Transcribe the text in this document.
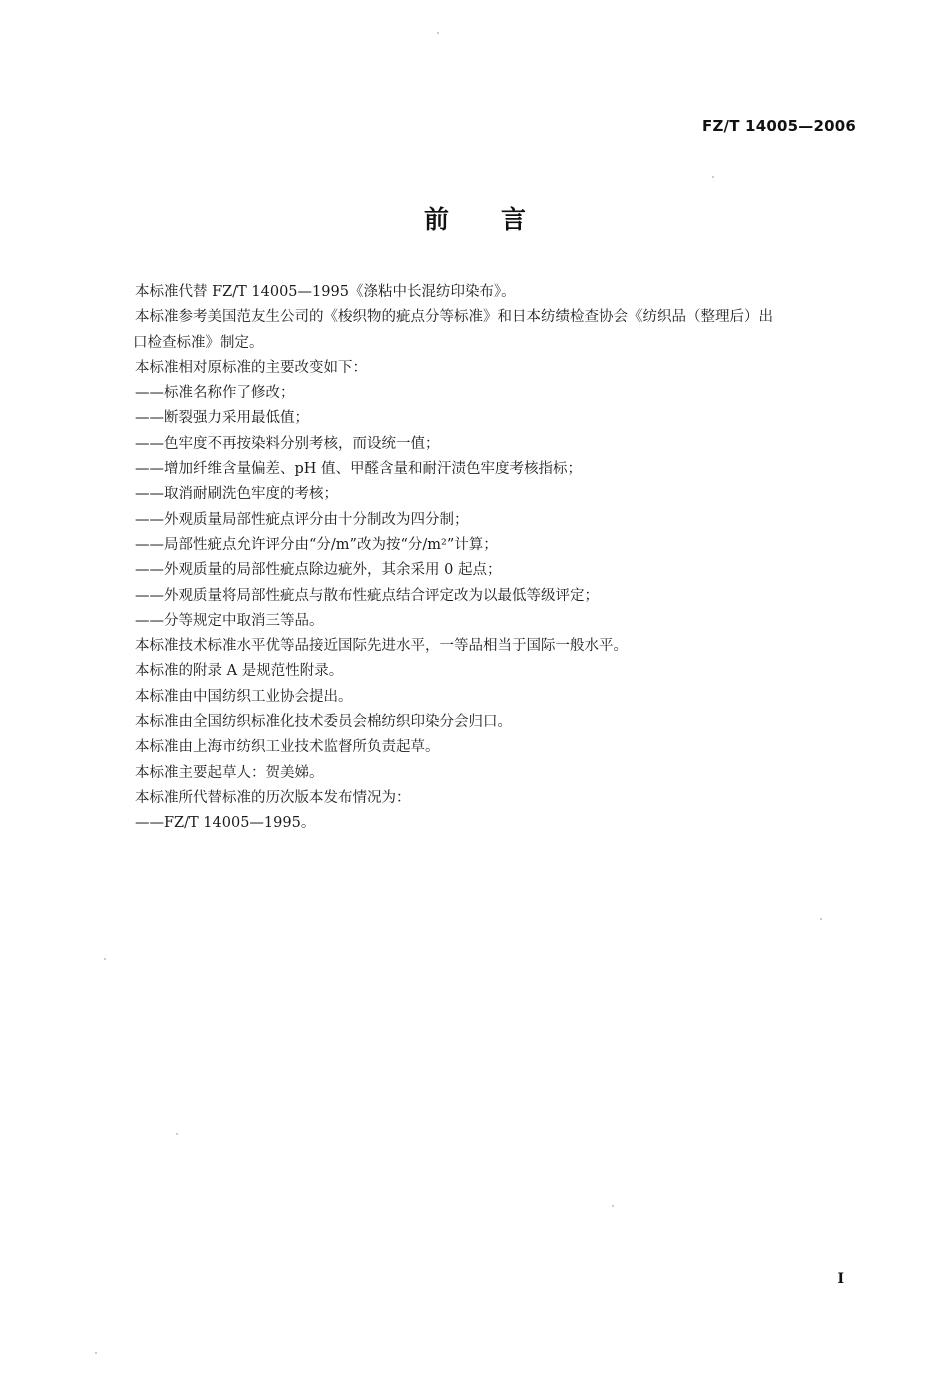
FZ/T 14005—2006
前言
本标准代替 FZ/T 14005—1995《涤粘中长混纺印染布》。
本标准参考美国范友生公司的《梭织物的疵点分等标准》和日本纺绩检查协会《纺织品（整理后）出
口检查标准》制定。
本标准相对原标准的主要改变如下：
——标准名称作了修改；
——断裂强力采用最低值；
——色牢度不再按染料分别考核，而设统一值；
——增加纤维含量偏差、pH 值、甲醛含量和耐汗渍色牢度考核指标；
——取消耐刷洗色牢度的考核；
——外观质量局部性疵点评分由十分制改为四分制；
——局部性疵点允许评分由“分/m”改为按“分/m²”计算；
——外观质量的局部性疵点除边疵外，其余采用 0 起点；
——外观质量将局部性疵点与散布性疵点结合评定改为以最低等级评定；
——分等规定中取消三等品。
本标准技术标准水平优等品接近国际先进水平，一等品相当于国际一般水平。
本标准的附录 A 是规范性附录。
本标准由中国纺织工业协会提出。
本标准由全国纺织标准化技术委员会棉纺织印染分会归口。
本标准由上海市纺织工业技术监督所负责起草。
本标准主要起草人：贺美娣。
本标准所代替标准的历次版本发布情况为：
——FZ/T 14005—1995。
I
